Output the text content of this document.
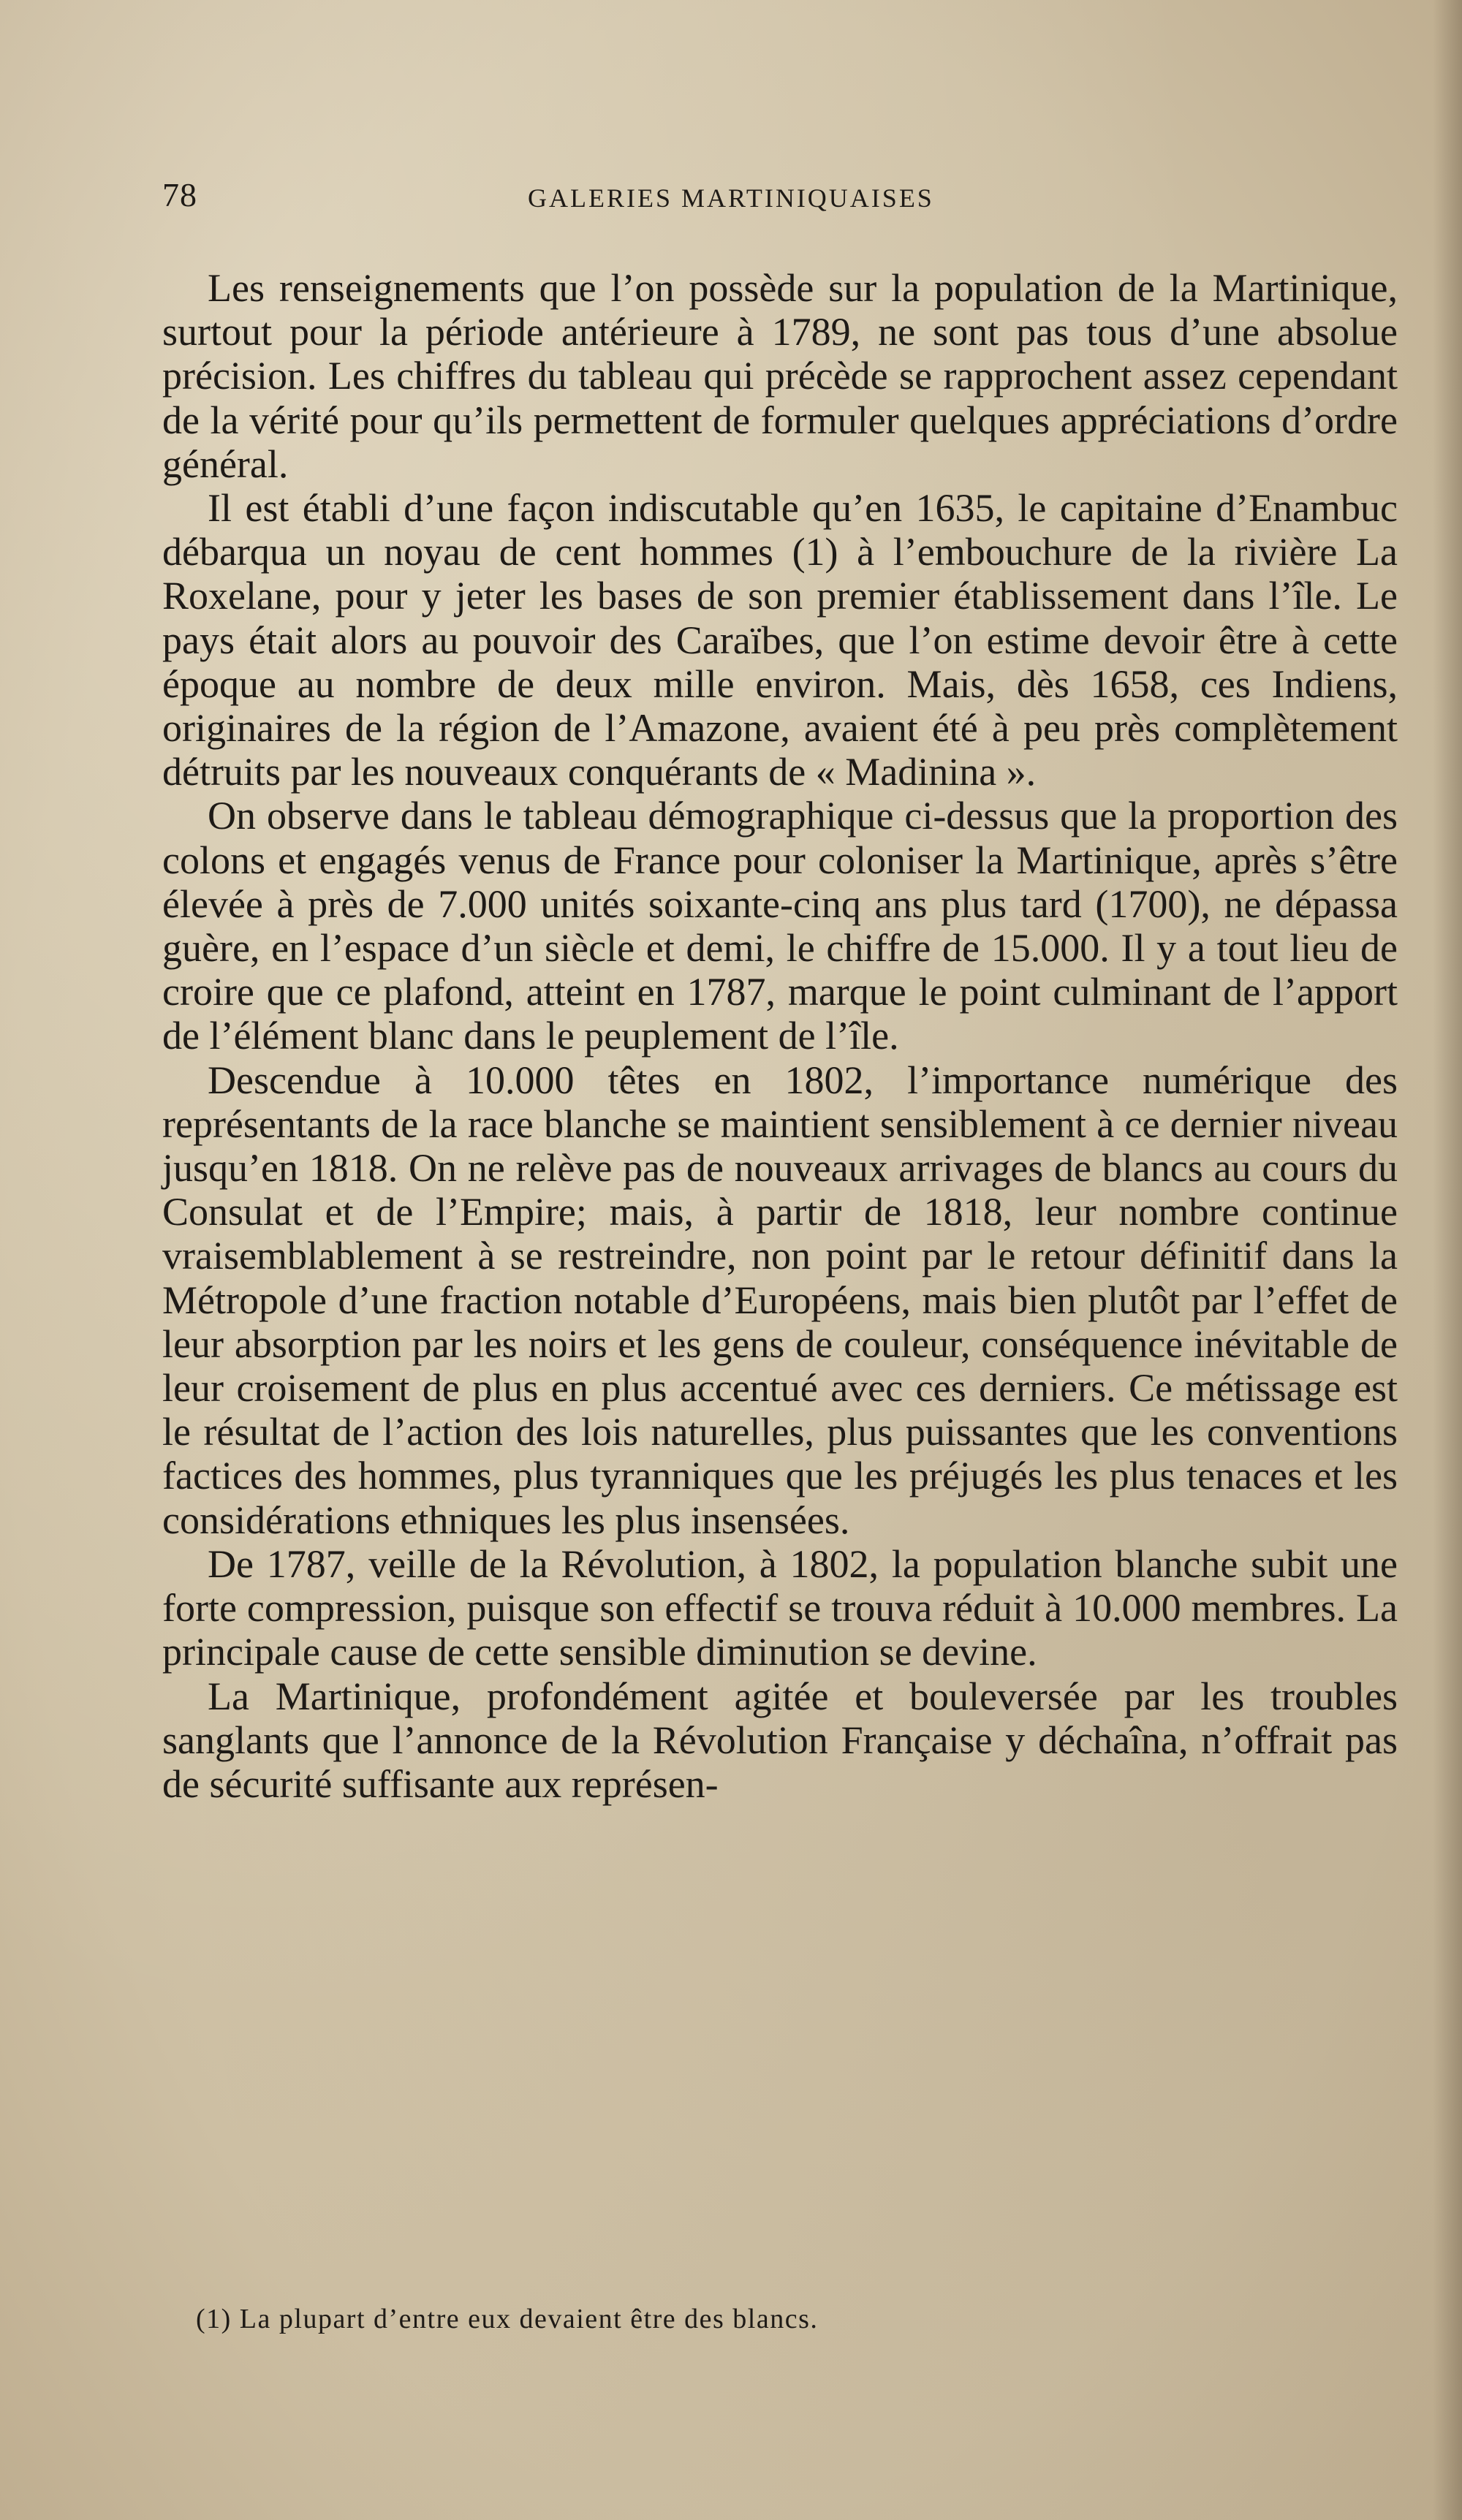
78	GALERIES MARTINIQUAISES

Les renseignements que l’on possède sur la population de la Martinique, surtout pour la période antérieure à 1789, ne sont pas tous d’une absolue précision. Les chiffres du tableau qui précède se rapprochent assez cependant de la vérité pour qu’ils permettent de formuler quelques appréciations d’ordre général.

Il est établi d’une façon indiscutable qu’en 1635, le capitaine d’Enambuc débarqua un noyau de cent hommes (1) à l’embouchure de la rivière La Roxelane, pour y jeter les bases de son premier établissement dans l’île. Le pays était alors au pouvoir des Caraïbes, que l’on estime devoir être à cette époque au nombre de deux mille environ. Mais, dès 1658, ces Indiens, originaires de la région de l’Amazone, avaient été à peu près complètement détruits par les nouveaux conquérants de « Madinina ».

On observe dans le tableau démographique ci-dessus que la proportion des colons et engagés venus de France pour coloniser la Martinique, après s’être élevée à près de 7.000 unités soixante-cinq ans plus tard (1700), ne dépassa guère, en l’espace d’un siècle et demi, le chiffre de 15.000. Il y a tout lieu de croire que ce plafond, atteint en 1787, marque le point culminant de l’apport de l’élément blanc dans le peuplement de l’île.

Descendue à 10.000 têtes en 1802, l’importance numérique des représentants de la race blanche se maintient sensiblement à ce dernier niveau jusqu’en 1818. On ne relève pas de nouveaux arrivages de blancs au cours du Consulat et de l’Empire; mais, à partir de 1818, leur nombre continue vraisemblablement à se restreindre, non point par le retour définitif dans la Métropole d’une fraction notable d’Européens, mais bien plutôt par l’effet de leur absorption par les noirs et les gens de couleur, conséquence inévitable de leur croisement de plus en plus accentué avec ces derniers. Ce métissage est le résultat de l’action des lois naturelles, plus puissantes que les conventions factices des hommes, plus tyranniques que les préjugés les plus tenaces et les considérations ethniques les plus insensées.

De 1787, veille de la Révolution, à 1802, la population blanche subit une forte compression, puisque son effectif se trouva réduit à 10.000 membres. La principale cause de cette sensible diminution se devine.

La Martinique, profondément agitée et bouleversée par les troubles sanglants que l’annonce de la Révolution Française y déchaîna, n’offrait pas de sécurité suffisante aux représen-

(1) La plupart d’entre eux devaient être des blancs.
